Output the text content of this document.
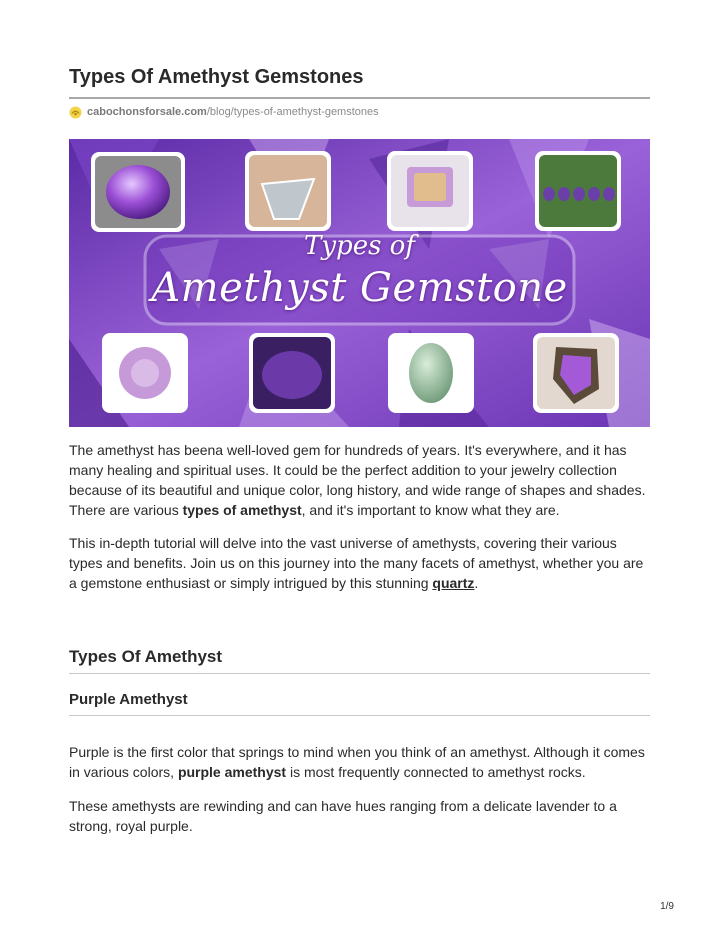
Types Of Amethyst Gemstones
cabochonsforsale.com /blog/types-of-amethyst-gemstones
Types of
Amethyst Gemstone

The amethyst has beena well-loved gem for hundreds of years. It's everywhere, and it has many healing and spiritual uses. It could be the perfect addition to your jewelry collection because of its beautiful and unique color, long history, and wide range of shapes and shades. There are various types of amethyst, and it's important to know what they are.

This in-depth tutorial will delve into the vast universe of amethysts, covering their various types and benefits. Join us on this journey into the many facets of amethyst, whether you are a gemstone enthusiast or simply intrigued by this stunning quartz.

Types Of Amethyst
Purple Amethyst

Purple is the first color that springs to mind when you think of an amethyst. Although it comes in various colors, purple amethyst is most frequently connected to amethyst rocks.

These amethysts are rewinding and can have hues ranging from a delicate lavender to a strong, royal purple.

1/9
